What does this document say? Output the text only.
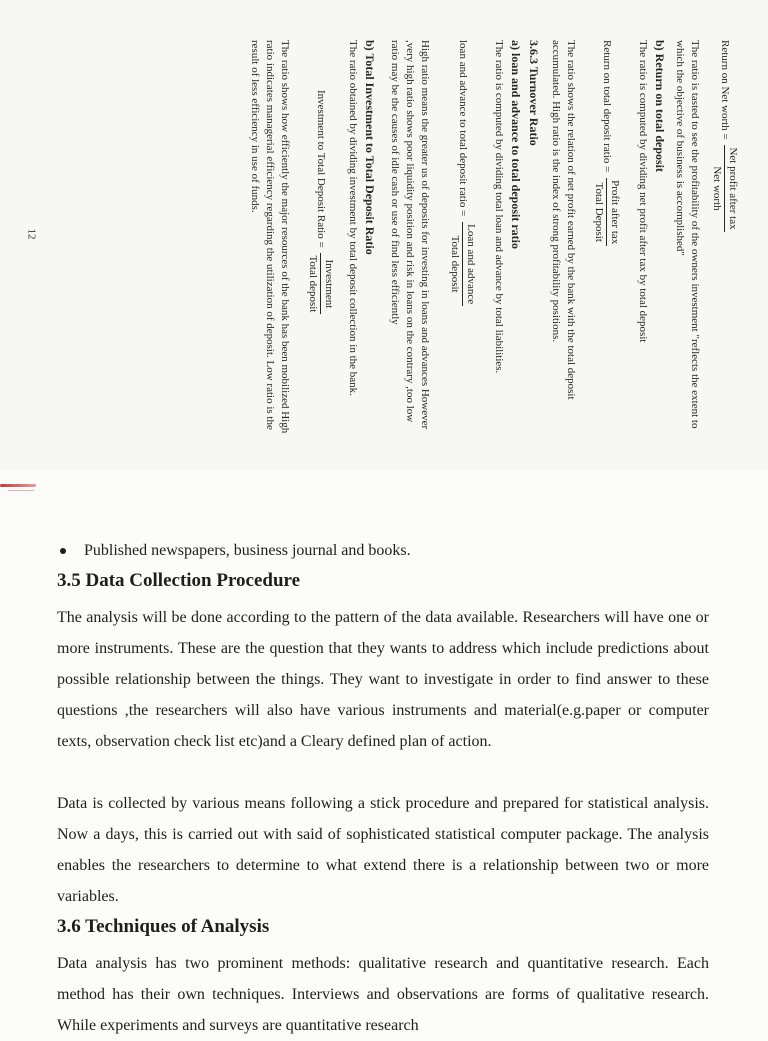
Return on Net worth =
Net profit after tax
Net worth
The ratio is tasted to see the profitability of the owners investment "reflects the extent to which the objective of business is accomplished"
b) Return on total deposit
The ratio is computed by dividing net profit after tax by total deposit
Return on total deposit ratio =
Profit after tax
Total Deposit
The ratio shows the relation of net profit earned by the bank with the total deposit accumulated. High ratio is the index of strong profitability positions.
3.6.3 Turnover Ratio
a) loan and advance to total deposit ratio
The ratio is computed by dividing total loan and advance by total liabilities.
loan and advance to total deposit ratio =
Loan and advance
Total deposit
High ratio means the greater us of deposits for investing in loans and advances However ,very high ratio shows poor liquidity position and risk in loans on the contrary ,too low ratio may be the causes of idle cash or use of find less efficiently
b) Total Investment to Total Deposit Ratio
The ratio obtained by dividing investment by total deposit collection in the bank.
Investment to Total Deposit Ratio =
Investment
Total deposit
The ratio shows how efficiently the major resources of the bank has been mobilized High ratio indicates managerial efficiency regarding the utilization of deposit. Low ratio is the result of less efficiency in use of funds.
12
Published newspapers, business journal and books.
3.5 Data Collection Procedure
The analysis will be done according to the pattern of the data available. Researchers will have one or more instruments. These are the question that they wants to address which include predictions about possible relationship between the things. They want to investigate in order to find answer to these questions ,the researchers will also have various instruments and material(e.g.paper or computer texts, observation check list etc)and a Cleary defined plan of action.
Data is collected by various means following a stick procedure and prepared for statistical analysis. Now a days, this is carried out with said of sophisticated statistical computer package. The analysis enables the researchers to determine to what extend there is a relationship between two or more variables.
3.6 Techniques of Analysis
Data analysis has two prominent methods: qualitative research and quantitative research. Each method has their own techniques. Interviews and observations are forms of qualitative research. While experiments and surveys are quantitative research
